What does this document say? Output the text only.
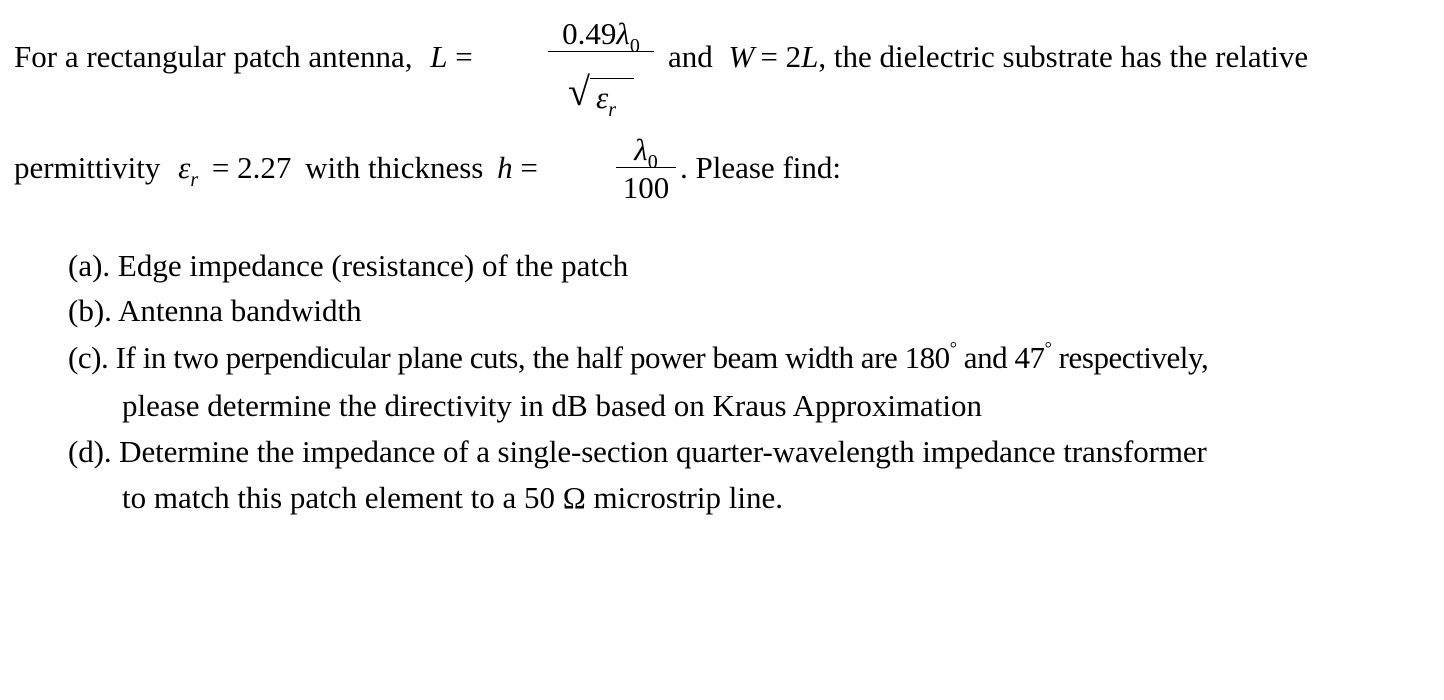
For a rectangular patch antenna, L =
$0.49\lambda_0$
√ $\varepsilon_r$
and W = 2L, the dielectric substrate has the relative
permittivity $\varepsilon_r = 2.27$ with thickness h =
$\lambda_0$
100
. Please find:
(a). Edge impedance (resistance) of the patch
(b). Antenna bandwidth
(c). If in two perpendicular plane cuts, the half power beam width are 180° and 47° respectively,
please determine the directivity in dB based on Kraus Approximation
(d). Determine the impedance of a single-section quarter-wavelength impedance transformer
to match this patch element to a 50 Ω microstrip line.
